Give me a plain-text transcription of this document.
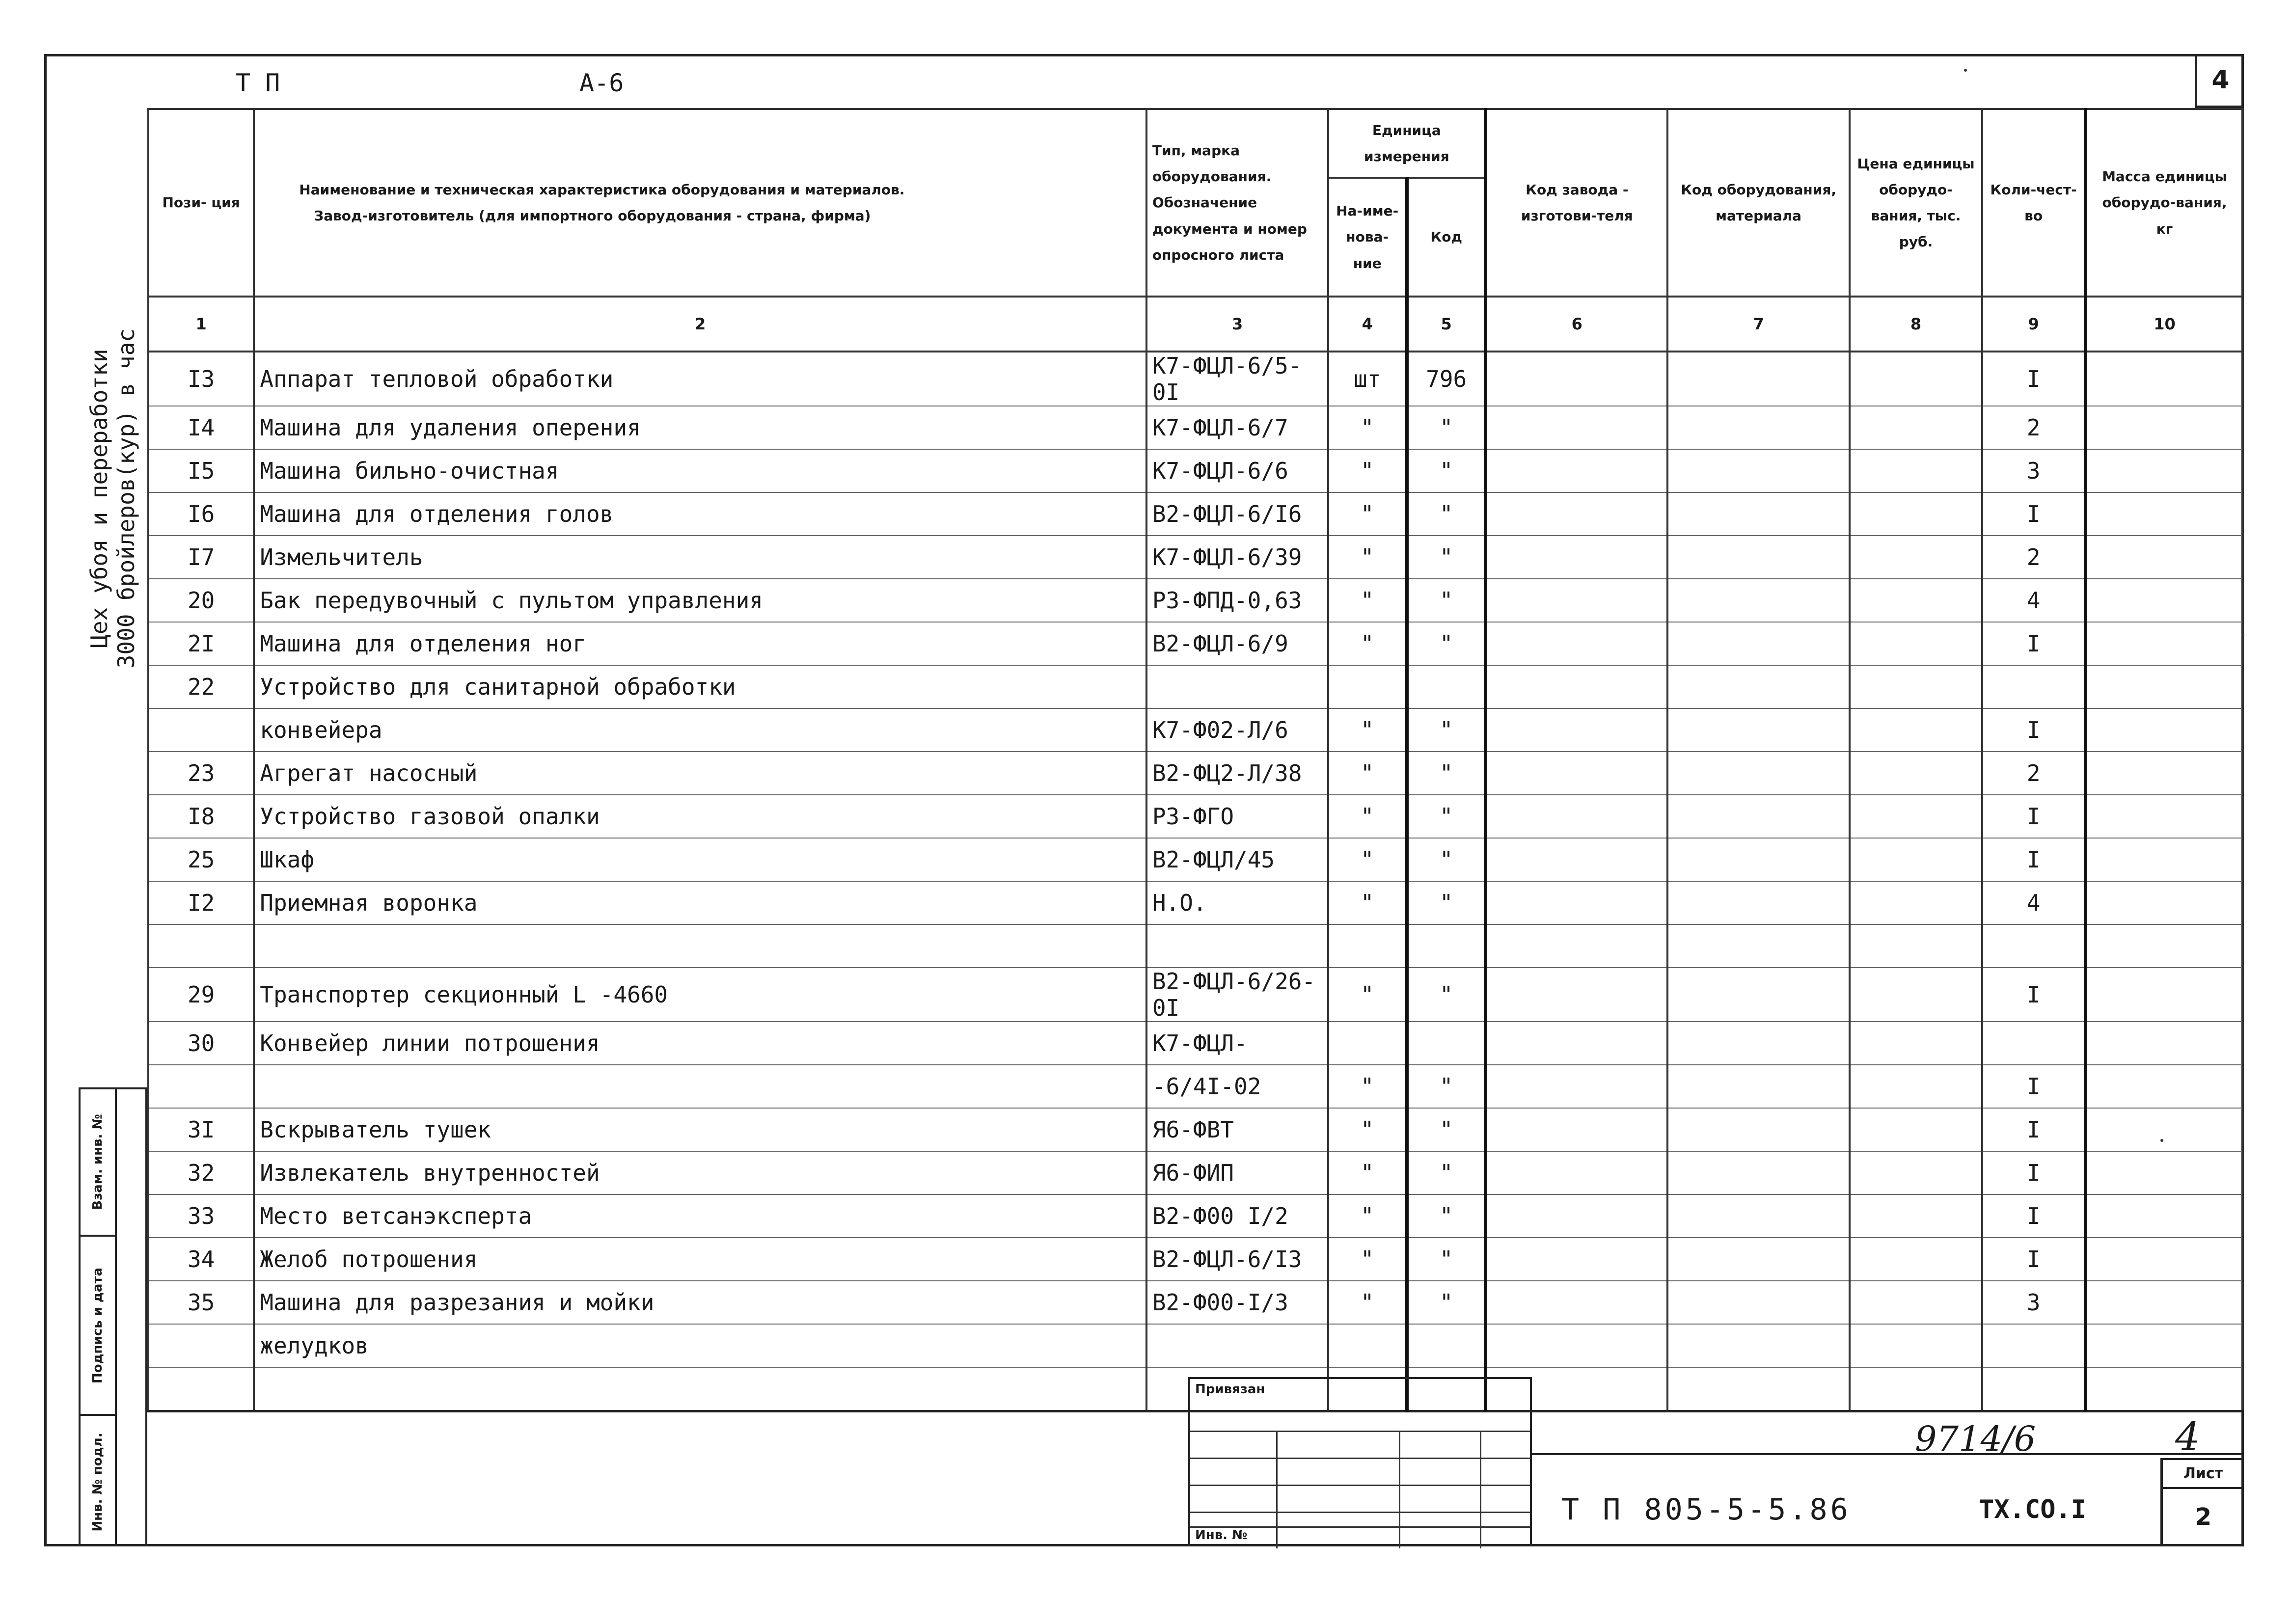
4
Т П	А-6
Цех убоя и переработки
3000 бройлеров(кур) в час
Пози- ция	Наименование и техническая характеристика оборудования и материалов.
Завод-изготовитель (для импортного оборудования - страна, фирма)	Тип, марка оборудования. Обозначение документа и номер опросного листа	Единица измерения		Код завода - изготови-теля	Код оборудования, материала	Цена единицы оборудо-вания, тыс. руб.	Коли-чест-во	Масса единицы оборудо-вания, кг
			На-име-нова-ние	Код					
1	2	3	4	5	6	7	8	9	10
I3	Аппарат тепловой обработки	К7-ФЦЛ-6/5-0I	шт	796				I	
I4	Машина для удаления оперения	К7-ФЦЛ-6/7	"	"				2	
I5	Машина бильно-очистная	К7-ФЦЛ-6/6	"	"				3	
I6	Машина для отделения голов	В2-ФЦЛ-6/I6	"	"				I	
I7	Измельчитель	К7-ФЦЛ-6/39	"	"				2	
20	Бак передувочный с пультом управления	РЗ-ФПД-0,63	"	"				4	
2I	Машина для отделения ног	В2-ФЦЛ-6/9	"	"				I	
22	Устройство для санитарной обработки								
	конвейера	К7-Ф02-Л/6	"	"				I	
23	Агрегат насосный	В2-ФЦ2-Л/38	"	"				2	
I8	Устройство газовой опалки	РЗ-ФГО	"	"				I	
25	Шкаф	В2-ФЦЛ/45	"	"				I	
I2	Приемная воронка	Н.О.	"	"				4	

29	Транспортер секционный L -4660	В2-ФЦЛ-6/26-0I	"	"				I	
30	Конвейер линии потрошения	К7-ФЦЛ-							
		-6/4I-02	"	"				I	
3I	Вскрыватель тушек	Я6-ФВТ	"	"				I	
32	Извлекатель внутренностей	Я6-ФИП	"	"				I	
33	Место ветсанэксперта	В2-Ф00 I/2	"	"				I	
34	Желоб потрошения	В2-ФЦЛ-6/I3	"	"				I	
35	Машина для разрезания и мойки	В2-Ф00-I/3	"	"				3	
	желудков								

Взам. инв. №
Подпись и дата
Инв. № подл.
Привязан
Инв. №
9714/6	4
Т П 805-5-5.86	ТХ.СО.I
Лист
2
